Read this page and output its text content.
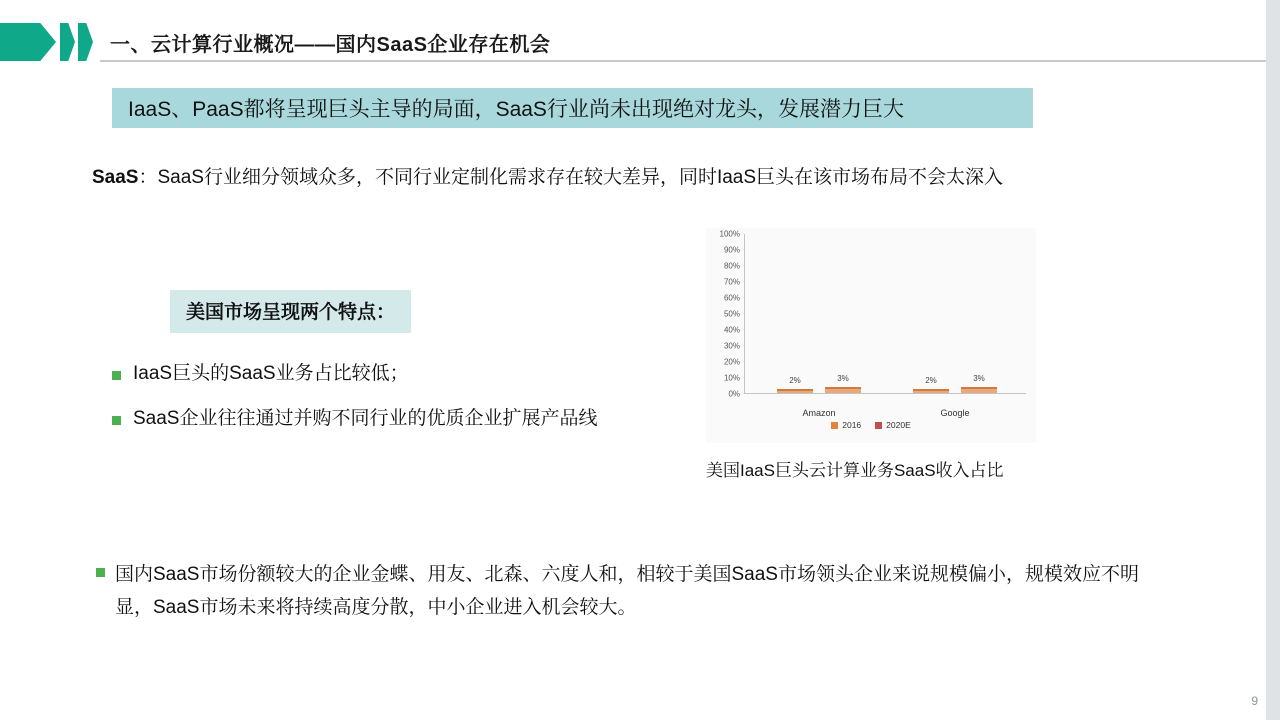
一、云计算行业概况——国内SaaS企业存在机会
IaaS、PaaS都将呈现巨头主导的局面，SaaS行业尚未出现绝对龙头，发展潜力巨大
SaaS：SaaS行业细分领域众多，不同行业定制化需求存在较大差异，同时IaaS巨头在该市场布局不会太深入
美国市场呈现两个特点：
IaaS巨头的SaaS业务占比较低；
SaaS企业往往通过并购不同行业的优质企业扩展产品线
100%
90%
80%
70%
60%
50%
40%
30%
20%
10%
0%
2%	3%
Amazon
2%	3%
Google
2016	2020E
美国IaaS巨头云计算业务SaaS收入占比
国内SaaS市场份额较大的企业金蝶、用友、北森、六度人和，相较于美国SaaS市场领头企业来说规模偏小，规模效应不明显，SaaS市场未来将持续高度分散，中小企业进入机会较大。
9
